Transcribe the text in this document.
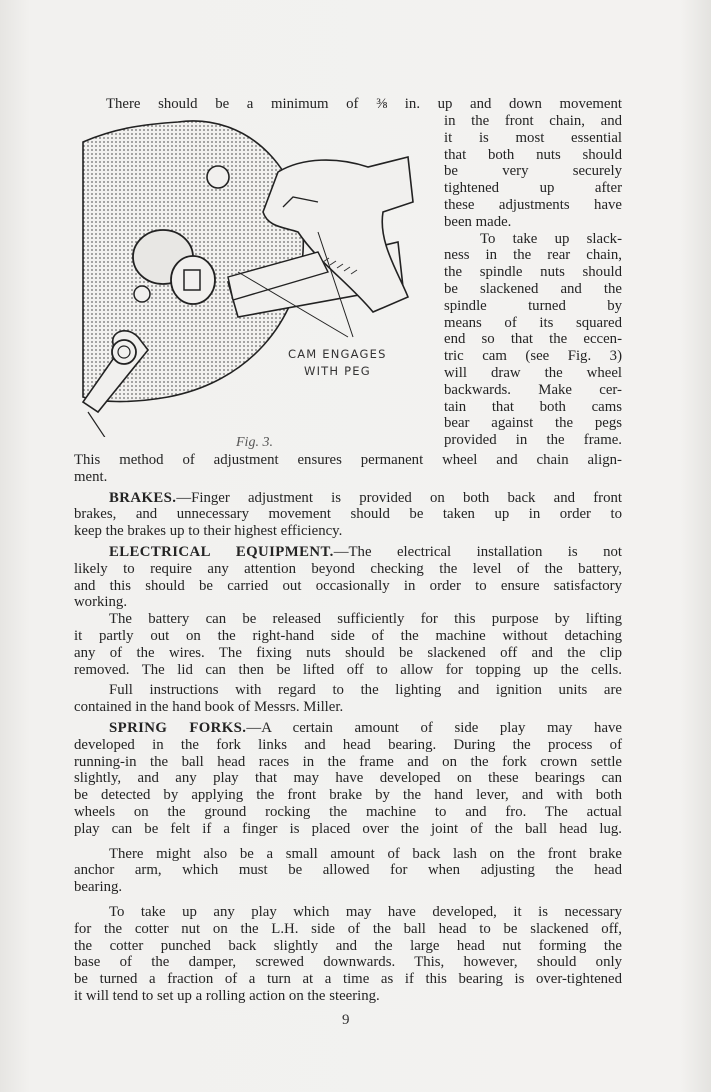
There should be a minimum of ⅜ in. up and down movement
CAM ENGAGES
WITH PEG
Fig. 3.
in the front chain, and
it is most essential
that both nuts should
be very securely
tightened up after
these adjustments have
been made.
To take up slack-
ness in the rear chain,
the spindle nuts should
be slackened and the
spindle turned by
means of its squared
end so that the eccen-
tric cam (see Fig. 3)
will draw the wheel
backwards. Make cer-
tain that both cams
bear against the pegs
provided in the frame.
This method of adjustment ensures permanent wheel and chain align-
ment.
BRAKES.—Finger adjustment is provided on both back and front
brakes, and unnecessary movement should be taken up in order to
keep the brakes up to their highest efficiency.
ELECTRICAL EQUIPMENT.—The electrical installation is not
likely to require any attention beyond checking the level of the battery,
and this should be carried out occasionally in order to ensure satisfactory
working.
The battery can be released sufficiently for this purpose by lifting
it partly out on the right-hand side of the machine without detaching
any of the wires. The fixing nuts should be slackened off and the clip
removed. The lid can then be lifted off to allow for topping up the cells.
Full instructions with regard to the lighting and ignition units are
contained in the hand book of Messrs. Miller.
SPRING FORKS.—A certain amount of side play may have
developed in the fork links and head bearing. During the process of
running-in the ball head races in the frame and on the fork crown settle
slightly, and any play that may have developed on these bearings can
be detected by applying the front brake by the hand lever, and with both
wheels on the ground rocking the machine to and fro. The actual
play can be felt if a finger is placed over the joint of the ball head lug.
There might also be a small amount of back lash on the front brake
anchor arm, which must be allowed for when adjusting the head
bearing.
To take up any play which may have developed, it is necessary
for the cotter nut on the L.H. side of the ball head to be slackened off,
the cotter punched back slightly and the large head nut forming the
base of the damper, screwed downwards. This, however, should only
be turned a fraction of a turn at a time as if this bearing is over-tightened
it will tend to set up a rolling action on the steering.
9
